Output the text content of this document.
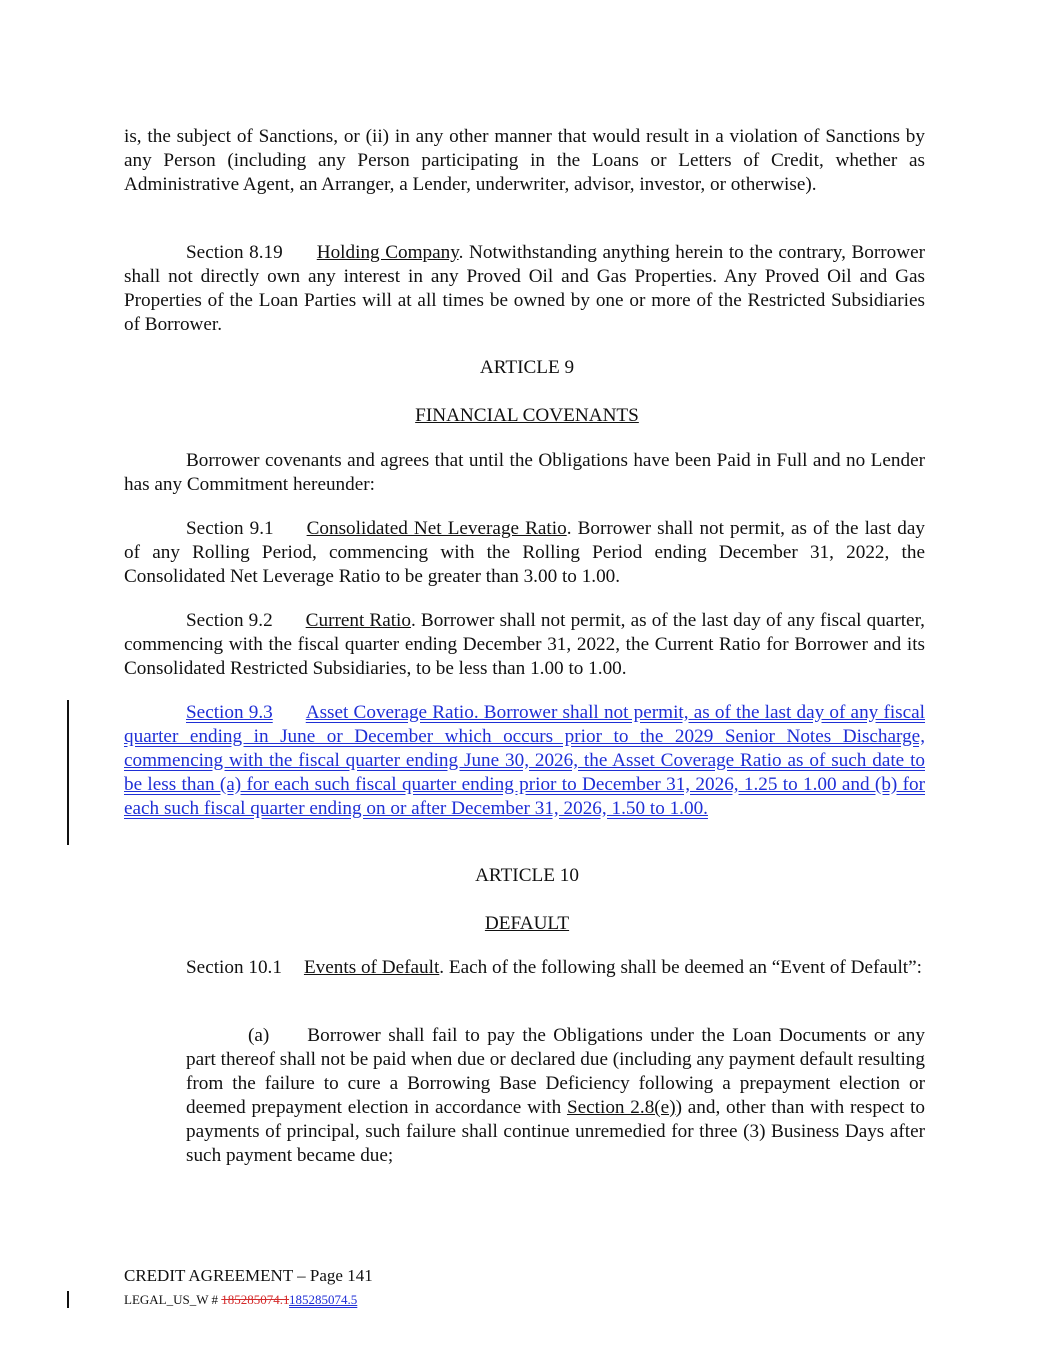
is, the subject of Sanctions, or (ii) in any other manner that would result in a violation of Sanctions by any Person (including any Person participating in the Loans or Letters of Credit, whether as Administrative Agent, an Arranger, a Lender, underwriter, advisor, investor, or otherwise).

Section 8.19 Holding Company. Notwithstanding anything herein to the contrary, Borrower shall not directly own any interest in any Proved Oil and Gas Properties. Any Proved Oil and Gas Properties of the Loan Parties will at all times be owned by one or more of the Restricted Subsidiaries of Borrower.

ARTICLE 9

FINANCIAL COVENANTS

Borrower covenants and agrees that until the Obligations have been Paid in Full and no Lender has any Commitment hereunder:

Section 9.1 Consolidated Net Leverage Ratio. Borrower shall not permit, as of the last day of any Rolling Period, commencing with the Rolling Period ending December 31, 2022, the Consolidated Net Leverage Ratio to be greater than 3.00 to 1.00.

Section 9.2 Current Ratio. Borrower shall not permit, as of the last day of any fiscal quarter, commencing with the fiscal quarter ending December 31, 2022, the Current Ratio for Borrower and its Consolidated Restricted Subsidiaries, to be less than 1.00 to 1.00.

Section 9.3 Asset Coverage Ratio. Borrower shall not permit, as of the last day of any fiscal quarter ending in June or December which occurs prior to the 2029 Senior Notes Discharge, commencing with the fiscal quarter ending June 30, 2026, the Asset Coverage Ratio as of such date to be less than (a) for each such fiscal quarter ending prior to December 31, 2026, 1.25 to 1.00 and (b) for each such fiscal quarter ending on or after December 31, 2026, 1.50 to 1.00.

ARTICLE 10

DEFAULT

Section 10.1 Events of Default. Each of the following shall be deemed an “Event of Default”:

(a) Borrower shall fail to pay the Obligations under the Loan Documents or any part thereof shall not be paid when due or declared due (including any payment default resulting from the failure to cure a Borrowing Base Deficiency following a prepayment election or deemed prepayment election in accordance with Section 2.8(e)) and, other than with respect to payments of principal, such failure shall continue unremedied for three (3) Business Days after such payment became due;

CREDIT AGREEMENT – Page 141

LEGAL_US_W # 185285074.1185285074.5
